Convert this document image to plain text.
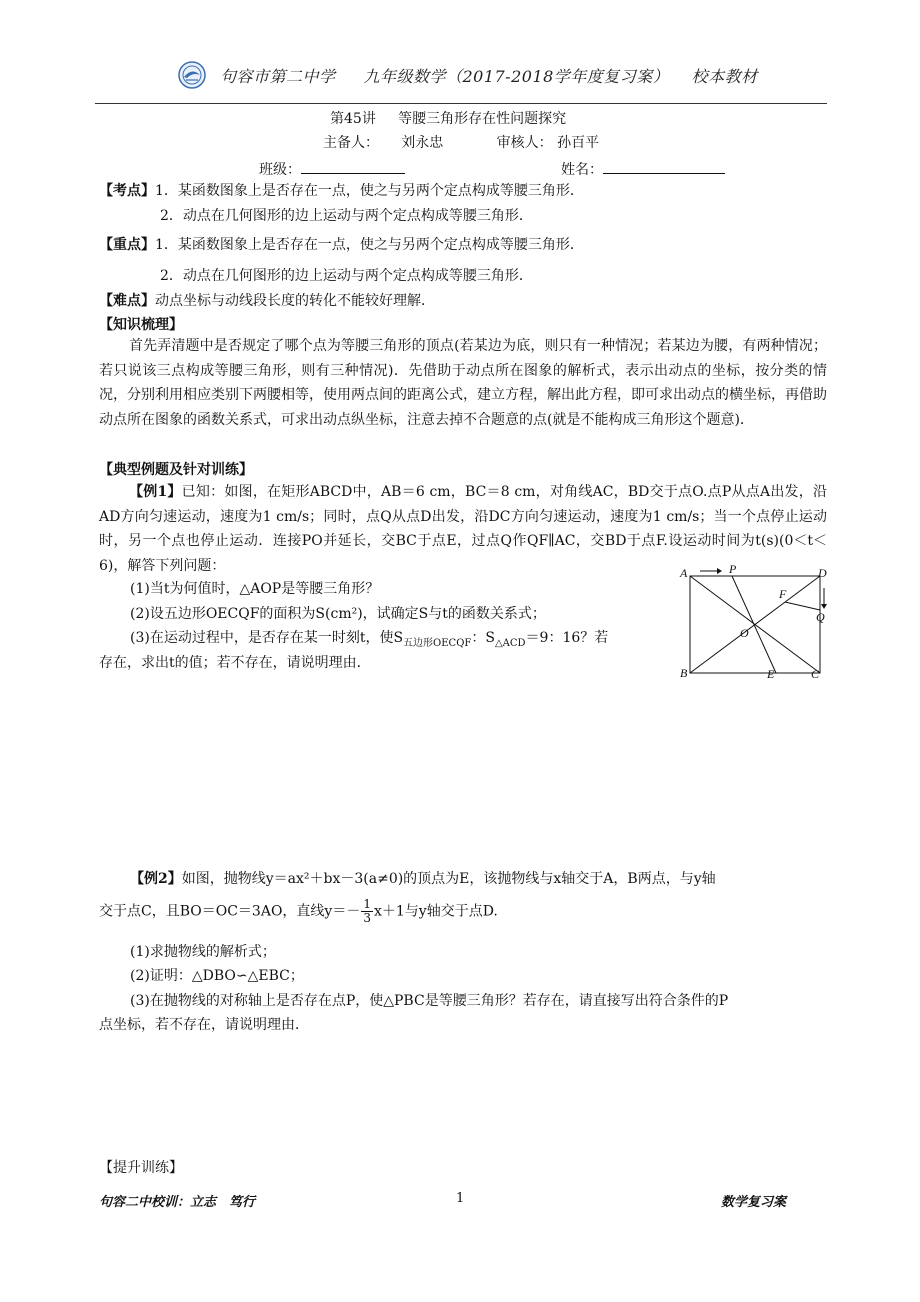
句容市第二中学 九年级数学（2017-2018学年度复习案） 校本教材
第45讲 等腰三角形存在性问题探究
主备人： 刘永忠	审核人： 孙百平
班级：	姓名：
【考点】1．某函数图象上是否存在一点，使之与另两个定点构成等腰三角形．
2．动点在几何图形的边上运动与两个定点构成等腰三角形．
【重点】1．某函数图象上是否存在一点，使之与另两个定点构成等腰三角形．
2．动点在几何图形的边上运动与两个定点构成等腰三角形．
【难点】动点坐标与动线段长度的转化不能较好理解．
【知识梳理】
首先弄清题中是否规定了哪个点为等腰三角形的顶点(若某边为底，则只有一种情况；若某边为腰，有两种情况；若只说该三点构成等腰三角形，则有三种情况)．先借助于动点所在图象的解析式，表示出动点的坐标，按分类的情况，分别利用相应类别下两腰相等，使用两点间的距离公式，建立方程，解出此方程，即可求出动点的横坐标，再借助动点所在图象的函数关系式，可求出动点纵坐标，注意去掉不合题意的点(就是不能构成三角形这个题意)．
【典型例题及针对训练】
【例1】已知：如图，在矩形ABCD中，AB＝6 cm，BC＝8 cm，对角线AC，BD交于点O.点P从点A出发，沿AD方向匀速运动，速度为1 cm/s；同时，点Q从点D出发，沿DC方向匀速运动，速度为1 cm/s；当一个点停止运动时，另一个点也停止运动．连接PO并延长，交BC于点E，过点Q作QF∥AC，交BD于点F.设运动时间为t(s)(0＜t＜6)，解答下列问题：
(1)当t为何值时，△AOP是等腰三角形？
(2)设五边形OECQF的面积为S(cm²)，试确定S与t的函数关系式；
(3)在运动过程中，是否存在某一时刻t，使$S_{五边形OECQF}$：$S_{\triangle ACD}=9$：16？若
存在，求出t的值；若不存在，请说明理由．
A	P	D
F
Q
O
B	E	C
【例2】如图，抛物线y＝ax²＋bx－3(a≠0)的顶点为E，该抛物线与x轴交于A，B两点，与y轴
交于点C，且BO＝OC＝3AO，直线$y=- \frac{1}{3} x+1$与y轴交于点D.
(1)求抛物线的解析式；
(2)证明：△DBO∽△EBC；
(3)在抛物线的对称轴上是否存在点P，使△PBC是等腰三角形？若存在，请直接写出符合条件的P
点坐标，若不存在，请说明理由．
【提升训练】
句容二中校训：立志　笃行	1	数学复习案
